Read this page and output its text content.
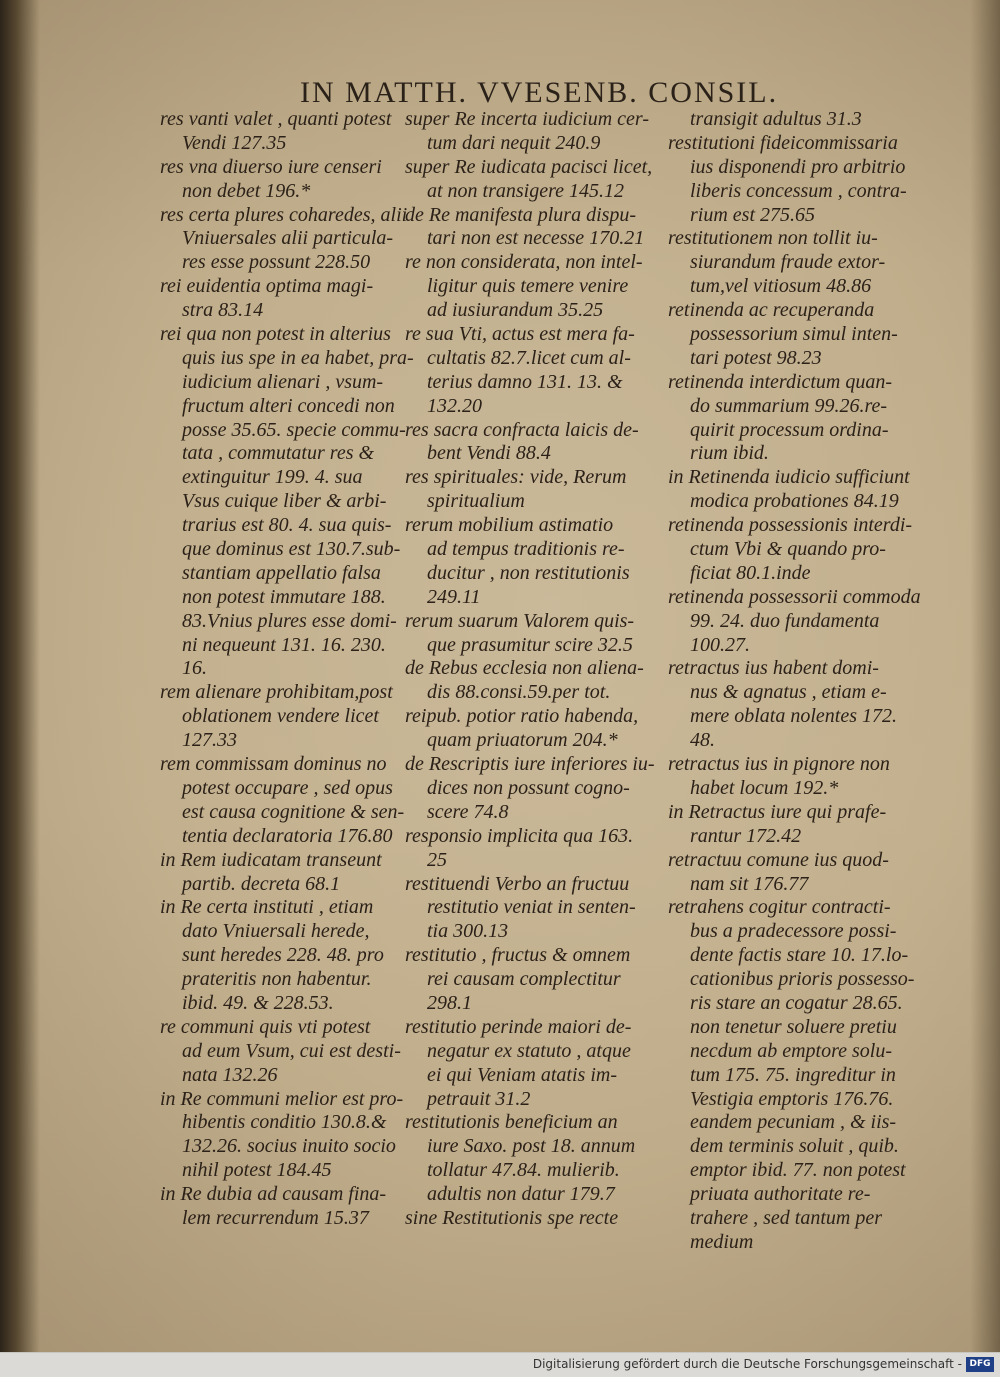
IN MATTH. VVESENB. CONSIL.
res vanti valet , quanti potest
Vendi 127.35
res vna diuerso iure censeri
non debet 196.*
res certa plures coharedes, alii
Vniuersales alii particula-
res esse possunt 228.50
rei euidentia optima magi-
stra 83.14
rei qua non potest in alterius
quis ius spe in ea habet, pra-
iudicium alienari , vsum-
fructum alteri concedi non
posse 35.65. specie commu-
tata , commutatur res &
extinguitur 199. 4. sua
Vsus cuique liber & arbi-
trarius est 80. 4. sua quis-
que dominus est 130.7.sub-
stantiam appellatio falsa
non potest immutare 188.
83.Vnius plures esse domi-
ni nequeunt 131. 16. 230.
16.
rem alienare prohibitam,post
oblationem vendere licet
127.33
rem commissam dominus no
potest occupare , sed opus
est causa cognitione & sen-
tentia declaratoria 176.80
in Rem iudicatam transeunt
partib. decreta 68.1
in Re certa instituti , etiam
dato Vniuersali herede,
sunt heredes 228. 48. pro
prateritis non habentur.
ibid. 49. & 228.53.
re communi quis vti potest
ad eum Vsum, cui est desti-
nata 132.26
in Re communi melior est pro-
hibentis conditio 130.8.&
132.26. socius inuito socio
nihil potest 184.45
in Re dubia ad causam fina-
lem recurrendum 15.37
super Re incerta iudicium cer-
tum dari nequit 240.9
super Re iudicata pacisci licet,
at non transigere 145.12
de Re manifesta plura dispu-
tari non est necesse 170.21
re non considerata, non intel-
ligitur quis temere venire
ad iusiurandum 35.25
re sua Vti, actus est mera fa-
cultatis 82.7.licet cum al-
terius damno 131. 13. &
132.20
res sacra confracta laicis de-
bent Vendi 88.4
res spirituales: vide, Rerum
spiritualium
rerum mobilium astimatio
ad tempus traditionis re-
ducitur , non restitutionis
249.11
rerum suarum Valorem quis-
que prasumitur scire 32.5
de Rebus ecclesia non aliena-
dis 88.consi.59.per tot.
reipub. potior ratio habenda,
quam priuatorum 204.*
de Rescriptis iure inferiores iu-
dices non possunt cogno-
scere 74.8
responsio implicita qua 163.
25
restituendi Verbo an fructuu
restitutio veniat in senten-
tia 300.13
restitutio , fructus & omnem
rei causam complectitur
298.1
restitutio perinde maiori de-
negatur ex statuto , atque
ei qui Veniam atatis im-
petrauit 31.2
restitutionis beneficium an
iure Saxo. post 18. annum
tollatur 47.84. mulierib.
adultis non datur 179.7
sine Restitutionis spe recte
transigit adultus 31.3
restitutioni fideicommissaria
ius disponendi pro arbitrio
liberis concessum , contra-
rium est 275.65
restitutionem non tollit iu-
siurandum fraude extor-
tum,vel vitiosum 48.86
retinenda ac recuperanda
possessorium simul inten-
tari potest 98.23
retinenda interdictum quan-
do summarium 99.26.re-
quirit processum ordina-
rium ibid.
in Retinenda iudicio sufficiunt
modica probationes 84.19
retinenda possessionis interdi-
ctum Vbi & quando pro-
ficiat 80.1.inde
retinenda possessorii commoda
99. 24. duo fundamenta
100.27.
retractus ius habent domi-
nus & agnatus , etiam e-
mere oblata nolentes 172.
48.
retractus ius in pignore non
habet locum 192.*
in Retractus iure qui prafe-
rantur 172.42
retractuu comune ius quod-
nam sit 176.77
retrahens cogitur contracti-
bus a pradecessore possi-
dente factis stare 10. 17.lo-
cationibus prioris possesso-
ris stare an cogatur 28.65.
non tenetur soluere pretiu
necdum ab emptore solu-
tum 175. 75. ingreditur in
Vestigia emptoris 176.76.
eandem pecuniam , & iis-
dem terminis soluit , quib.
emptor ibid. 77. non potest
priuata authoritate re-
trahere , sed tantum per
medium
Digitalisierung gefördert durch die Deutsche Forschungsgemeinschaft - DFG
